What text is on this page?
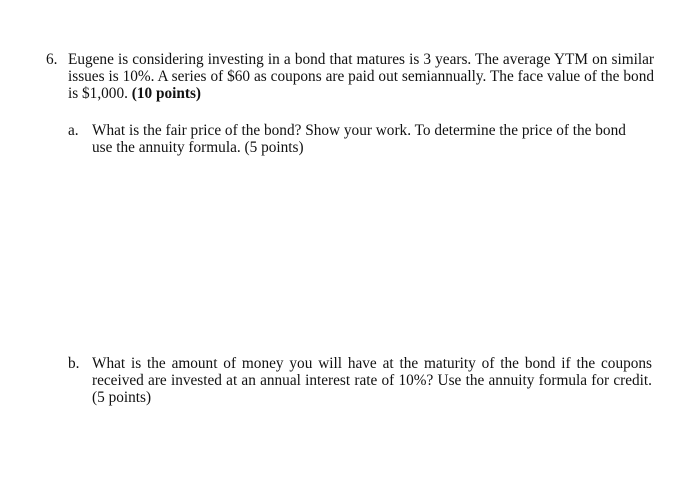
6. Eugene is considering investing in a bond that matures is 3 years. The average YTM on similar issues is 10%. A series of $60 as coupons are paid out semiannually. The face value of the bond is $1,000. (10 points)
a. What is the fair price of the bond? Show your work. To determine the price of the bond use the annuity formula. (5 points)
b. What is the amount of money you will have at the maturity of the bond if the coupons received are invested at an annual interest rate of 10%? Use the annuity formula for credit. (5 points)
